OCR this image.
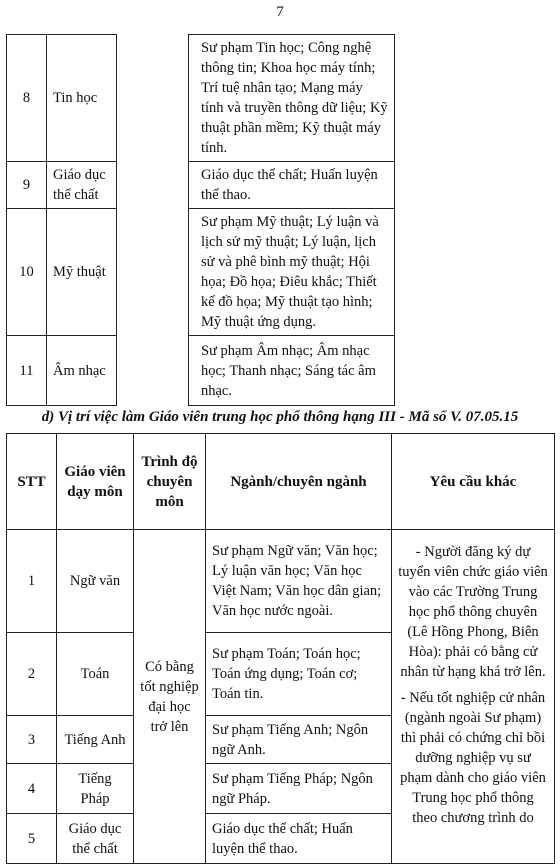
7
8	Tin học		Sư phạm Tin học; Công nghệ thông tin; Khoa học máy tính; Trí tuệ nhân tạo; Mạng máy tính và truyền thông dữ liệu; Kỹ thuật phần mềm; Kỹ thuật máy tính.	
9	Giáo dục thể chất		Giáo dục thể chất; Huấn luyện thể thao.	
10	Mỹ thuật		Sư phạm Mỹ thuật; Lý luận và lịch sử mỹ thuật; Lý luận, lịch sử và phê bình mỹ thuật; Hội họa; Đồ họa; Điêu khắc; Thiết kế đồ họa; Mỹ thuật tạo hình; Mỹ thuật ứng dụng.	
11	Âm nhạc		Sư phạm Âm nhạc; Âm nhạc học; Thanh nhạc; Sáng tác âm nhạc.	
d) Vị trí việc làm Giáo viên trung học phổ thông hạng III - Mã số V. 07.05.15
STT	Giáo viên dạy môn	Trình độ chuyên môn	Ngành/chuyên ngành	Yêu cầu khác
1	Ngữ văn	Có bằng tốt nghiệp đại học trở lên	Sư phạm Ngữ văn; Văn học; Lý luận văn học; Văn học Việt Nam; Văn học dân gian; Văn học nước ngoài.	- Người đăng ký dự tuyển viên chức giáo viên vào các Trường Trung học phổ thông chuyên (Lê Hồng Phong, Biên Hòa): phải có bằng cử nhân từ hạng khá trở lên.

- Nếu tốt nghiệp cử nhân (ngành ngoài Sư phạm) thì phải có chứng chỉ bồi dưỡng nghiệp vụ sư phạm dành cho giáo viên Trung học phổ thông theo chương trình do

2	Toán		Sư phạm Toán; Toán học; Toán ứng dụng; Toán cơ; Toán tin.	
3	Tiếng Anh		Sư phạm Tiếng Anh; Ngôn ngữ Anh.	
4	Tiếng Pháp		Sư phạm Tiếng Pháp; Ngôn ngữ Pháp.	
5	Giáo dục thể chất		Giáo dục thể chất; Huấn luyện thể thao.	
